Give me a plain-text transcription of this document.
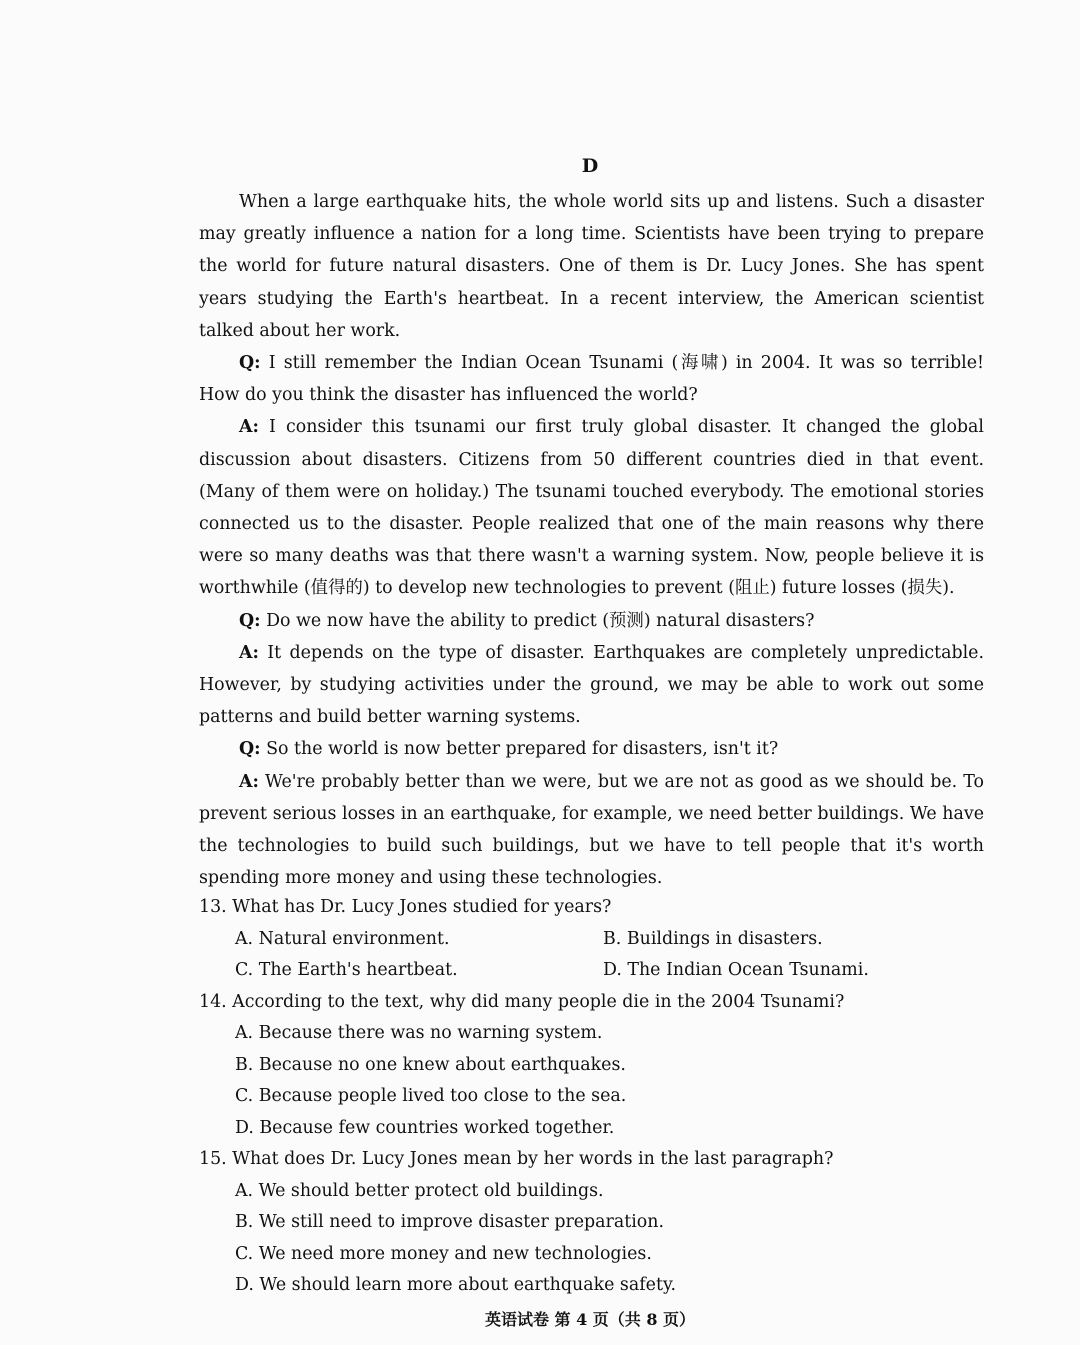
D

When a large earthquake hits, the whole world sits up and listens. Such a disaster may greatly influence a nation for a long time. Scientists have been trying to prepare the world for future natural disasters. One of them is Dr. Lucy Jones. She has spent years studying the Earth's heartbeat. In a recent interview, the American scientist talked about her work.

Q: I still remember the Indian Ocean Tsunami (海啸) in 2004. It was so terrible! How do you think the disaster has influenced the world?

A: I consider this tsunami our first truly global disaster. It changed the global discussion about disasters. Citizens from 50 different countries died in that event. (Many of them were on holiday.) The tsunami touched everybody. The emotional stories connected us to the disaster. People realized that one of the main reasons why there were so many deaths was that there wasn't a warning system. Now, people believe it is worthwhile (值得的) to develop new technologies to prevent (阻止) future losses (损失).

Q: Do we now have the ability to predict (预测) natural disasters?

A: It depends on the type of disaster. Earthquakes are completely unpredictable. However, by studying activities under the ground, we may be able to work out some patterns and build better warning systems.

Q: So the world is now better prepared for disasters, isn't it?

A: We're probably better than we were, but we are not as good as we should be. To prevent serious losses in an earthquake, for example, we need better buildings. We have the technologies to build such buildings, but we have to tell people that it's worth spending more money and using these technologies.

13. What has Dr. Lucy Jones studied for years?
A. Natural environment.	B. Buildings in disasters.
C. The Earth's heartbeat.	D. The Indian Ocean Tsunami.
14. According to the text, why did many people die in the 2004 Tsunami?
A. Because there was no warning system.
B. Because no one knew about earthquakes.
C. Because people lived too close to the sea.
D. Because few countries worked together.
15. What does Dr. Lucy Jones mean by her words in the last paragraph?
A. We should better protect old buildings.
B. We still need to improve disaster preparation.
C. We need more money and new technologies.
D. We should learn more about earthquake safety.
英语试卷 第 4 页（共 8 页）
